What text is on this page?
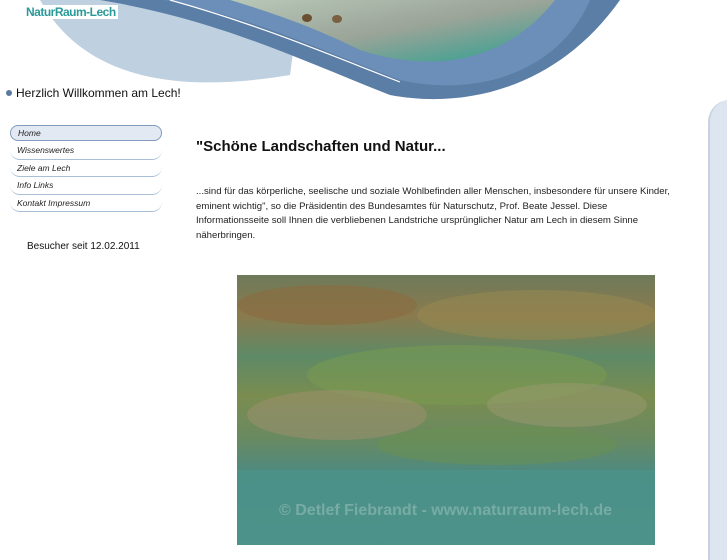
NaturRaum-Lech
Herzlich Willkommen am Lech!
Home
Wissenswertes
Ziele am Lech
Info Links
Kontakt Impressum
Besucher seit 12.02.2011
"Schöne Landschaften und Natur...

...sind für das körperliche, seelische und soziale Wohlbefinden aller Menschen, insbesondere für unsere Kinder, eminent wichtig", so die Präsidentin des Bundesamtes für Naturschutz, Prof. Beate Jessel. Diese Informationsseite soll Ihnen die verbliebenen Landstriche ursprünglicher Natur am Lech in diesem Sinne näherbringen.

© Detlef Fiebrandt - www.naturraum-lech.de
